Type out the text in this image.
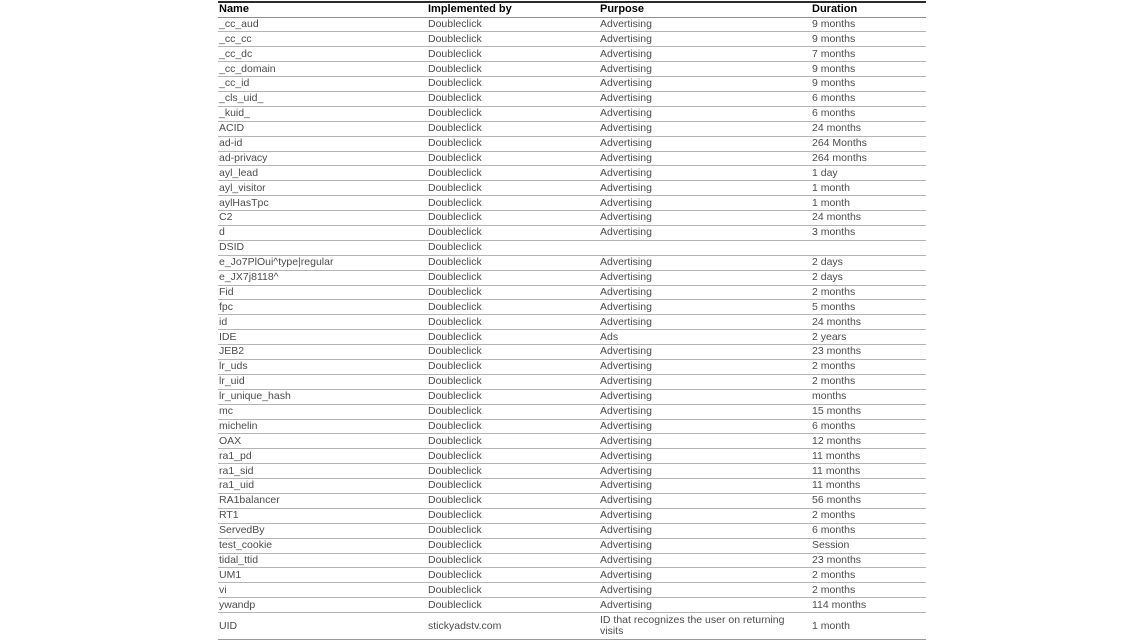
Name	Implemented by	Purpose	Duration
_cc_aud	Doubleclick	Advertising	9 months
_cc_cc	Doubleclick	Advertising	9 months
_cc_dc	Doubleclick	Advertising	7 months
_cc_domain	Doubleclick	Advertising	9 months
_cc_id	Doubleclick	Advertising	9 months
_cls_uid_	Doubleclick	Advertising	6 months
_kuid_	Doubleclick	Advertising	6 months
ACID	Doubleclick	Advertising	24 months
ad-id	Doubleclick	Advertising	264 Months
ad-privacy	Doubleclick	Advertising	264 months
ayl_lead	Doubleclick	Advertising	1 day
ayl_visitor	Doubleclick	Advertising	1 month
aylHasTpc	Doubleclick	Advertising	1 month
C2	Doubleclick	Advertising	24 months
d	Doubleclick	Advertising	3 months
DSID	Doubleclick		
e_Jo7PlOui^type|regular	Doubleclick	Advertising	2 days
e_JX7j8118^	Doubleclick	Advertising	2 days
Fid	Doubleclick	Advertising	2 months
fpc	Doubleclick	Advertising	5 months
id	Doubleclick	Advertising	24 months
IDE	Doubleclick	Ads	2 years
JEB2	Doubleclick	Advertising	23 months
lr_uds	Doubleclick	Advertising	2 months
lr_uid	Doubleclick	Advertising	2 months
lr_unique_hash	Doubleclick	Advertising	months
mc	Doubleclick	Advertising	15 months
michelin	Doubleclick	Advertising	6 months
OAX	Doubleclick	Advertising	12 months
ra1_pd	Doubleclick	Advertising	11 months
ra1_sid	Doubleclick	Advertising	11 months
ra1_uid	Doubleclick	Advertising	11 months
RA1balancer	Doubleclick	Advertising	56 months
RT1	Doubleclick	Advertising	2 months
ServedBy	Doubleclick	Advertising	6 months
test_cookie	Doubleclick	Advertising	Session
tidal_ttid	Doubleclick	Advertising	23 months
UM1	Doubleclick	Advertising	2 months
vi	Doubleclick	Advertising	2 months
ywandp	Doubleclick	Advertising	114 months
UID	stickyadstv.com	ID that recognizes the user on returning visits	1 month
